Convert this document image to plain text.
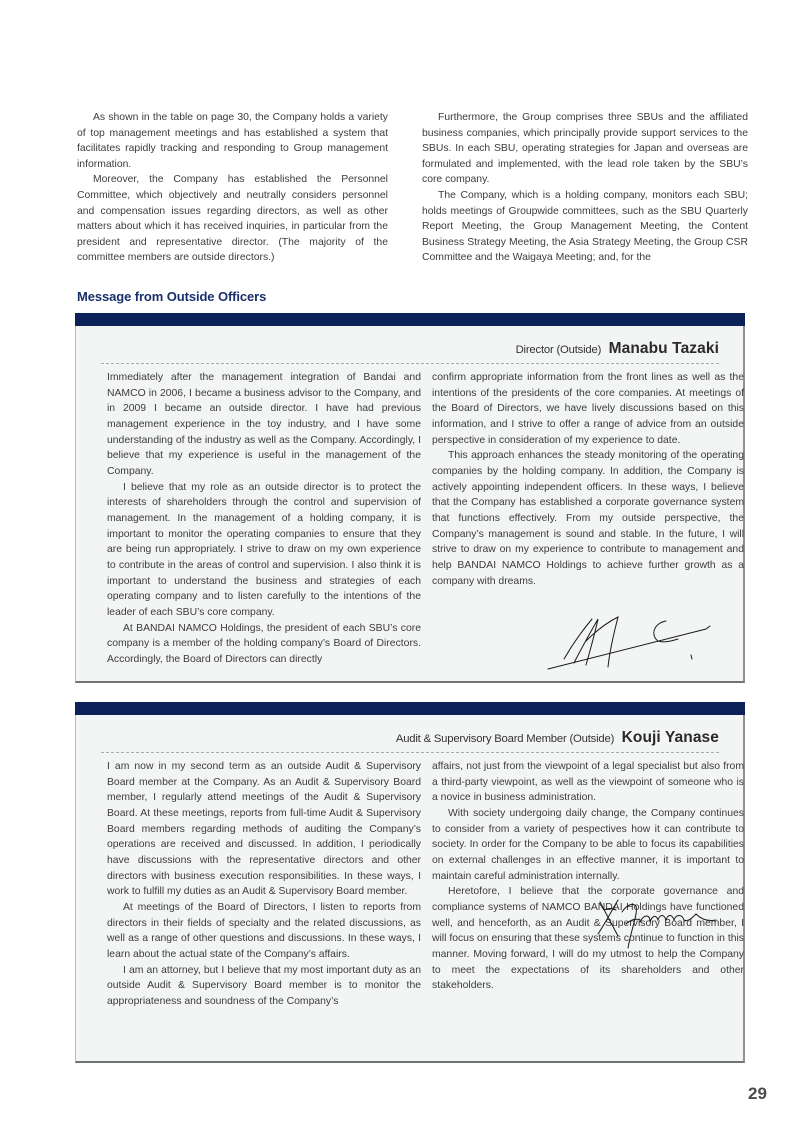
As shown in the table on page 30, the Company holds a variety of top management meetings and has established a system that facilitates rapidly tracking and responding to Group management information.

Moreover, the Company has established the Personnel Committee, which objectively and neutrally considers personnel and compensation issues regarding directors, as well as other matters about which it has received inquiries, in particular from the president and representative director. (The majority of the committee members are outside directors.)

Furthermore, the Group comprises three SBUs and the affiliated business companies, which principally provide support services to the SBUs. In each SBU, operating strategies for Japan and overseas are formulated and implemented, with the lead role taken by the SBU’s core company.

The Company, which is a holding company, monitors each SBU; holds meetings of Groupwide committees, such as the SBU Quarterly Report Meeting, the Group Management Meeting, the Content Business Strategy Meeting, the Asia Strategy Meeting, the Group CSR Committee and the Waigaya Meeting; and, for the

Message from Outside Officers
Director (Outside) Manabu Tazaki

Immediately after the management integration of Bandai and NAMCO in 2006, I became a business advisor to the Company, and in 2009 I became an outside director. I have had previous management experience in the toy industry, and I have some understanding of the industry as well as the Company. Accordingly, I believe that my experience is useful in the management of the Company.

I believe that my role as an outside director is to protect the interests of shareholders through the control and supervision of management. In the management of a holding company, it is important to monitor the operating companies to ensure that they are being run appropriately. I strive to draw on my own experience to contribute in the areas of control and supervision. I also think it is important to understand the business and strategies of each operating company and to listen carefully to the intentions of the leader of each SBU’s core company.

At BANDAI NAMCO Holdings, the president of each SBU’s core company is a member of the holding company’s Board of Directors. Accordingly, the Board of Directors can directly

confirm appropriate information from the front lines as well as the intentions of the presidents of the core companies. At meetings of the Board of Directors, we have lively discussions based on this information, and I strive to offer a range of advice from an outside perspective in consideration of my experience to date.

This approach enhances the steady monitoring of the operating companies by the holding company. In addition, the Company is actively appointing independent officers. In these ways, I believe that the Company has established a corporate governance system that functions effectively. From my outside perspective, the Company’s management is sound and stable. In the future, I will strive to draw on my experience to contribute to management and help BANDAI NAMCO Holdings to achieve further growth as a company with dreams.

Audit & Supervisory Board Member (Outside) Kouji Yanase

I am now in my second term as an outside Audit & Supervisory Board member at the Company. As an Audit & Supervisory Board member, I regularly attend meetings of the Audit & Supervisory Board. At these meetings, reports from full-time Audit & Supervisory Board members regarding methods of auditing the Company’s operations are received and discussed. In addition, I periodically have discussions with the representative directors and other directors with business execution responsibilities. In these ways, I work to fulfill my duties as an Audit & Supervisory Board member.

At meetings of the Board of Directors, I listen to reports from directors in their fields of specialty and the related discussions, as well as a range of other questions and discussions. In these ways, I learn about the actual state of the Company’s affairs.

I am an attorney, but I believe that my most important duty as an outside Audit & Supervisory Board member is to monitor the appropriateness and soundness of the Company’s

affairs, not just from the viewpoint of a legal specialist but also from a third-party viewpoint, as well as the viewpoint of someone who is a novice in business administration.

With society undergoing daily change, the Company continues to consider from a variety of pespectives how it can contribute to society. In order for the Company to be able to focus its capabilities on external challenges in an effective manner, it is important to maintain careful administration internally.

Heretofore, I believe that the corporate governance and compliance systems of NAMCO BANDAI Holdings have functioned well, and henceforth, as an Audit & Supervisory Board member, I will focus on ensuring that these systems continue to function in this manner. Moving forward, I will do my utmost to help the Company to meet the expectations of its shareholders and other stakeholders.

29
